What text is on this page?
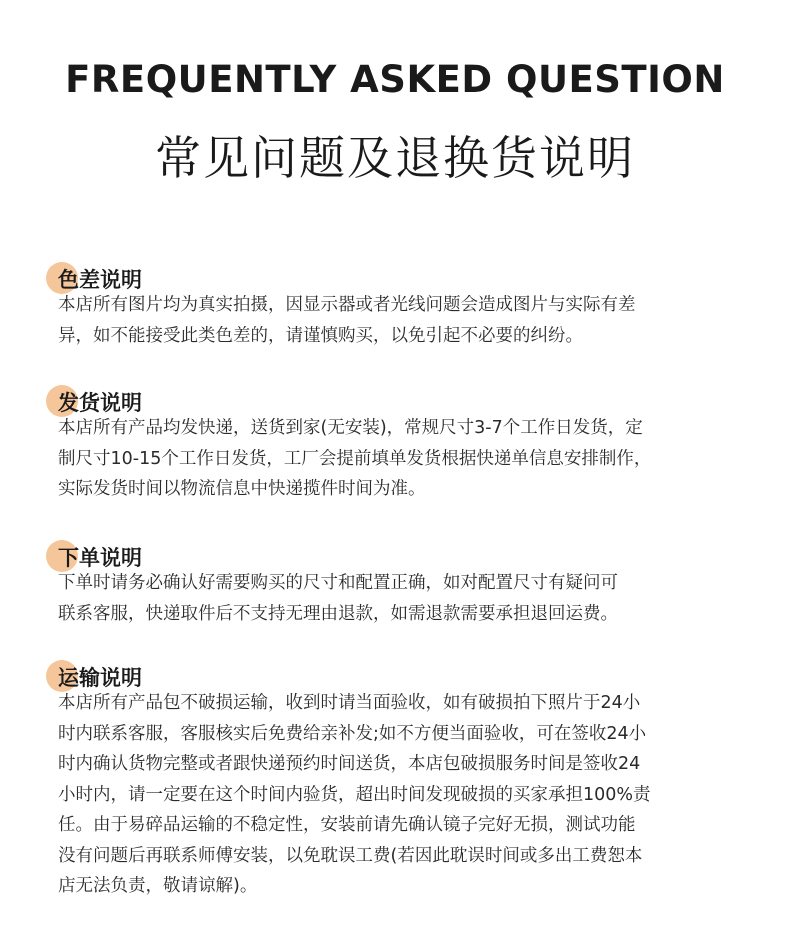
FREQUENTLY ASKED QUESTION
常见问题及退换货说明
色差说明

本店所有图片均为真实拍摄，因显示器或者光线问题会造成图片与实际有差
异，如不能接受此类色差的，请谨慎购买，以免引起不必要的纠纷。

发货说明

本店所有产品均发快递，送货到家(无安装)，常规尺寸3-7个工作日发货，定
制尺寸10-15个工作日发货，工厂会提前填单发货根据快递单信息安排制作，
实际发货时间以物流信息中快递揽件时间为准。

下单说明

下单时请务必确认好需要购买的尺寸和配置正确，如对配置尺寸有疑问可
联系客服，快递取件后不支持无理由退款，如需退款需要承担退回运费。

运输说明

本店所有产品包不破损运输，收到时请当面验收，如有破损拍下照片于24小
时内联系客服，客服核实后免费给亲补发;如不方便当面验收，可在签收24小
时内确认货物完整或者跟快递预约时间送货，本店包破损服务时间是签收24
小时内，请一定要在这个时间内验货，超出时间发现破损的买家承担100%责
任。由于易碎品运输的不稳定性，安装前请先确认镜子完好无损，测试功能
没有问题后再联系师傅安装，以免耽误工费(若因此耽误时间或多出工费恕本
店无法负责，敬请谅解)。
